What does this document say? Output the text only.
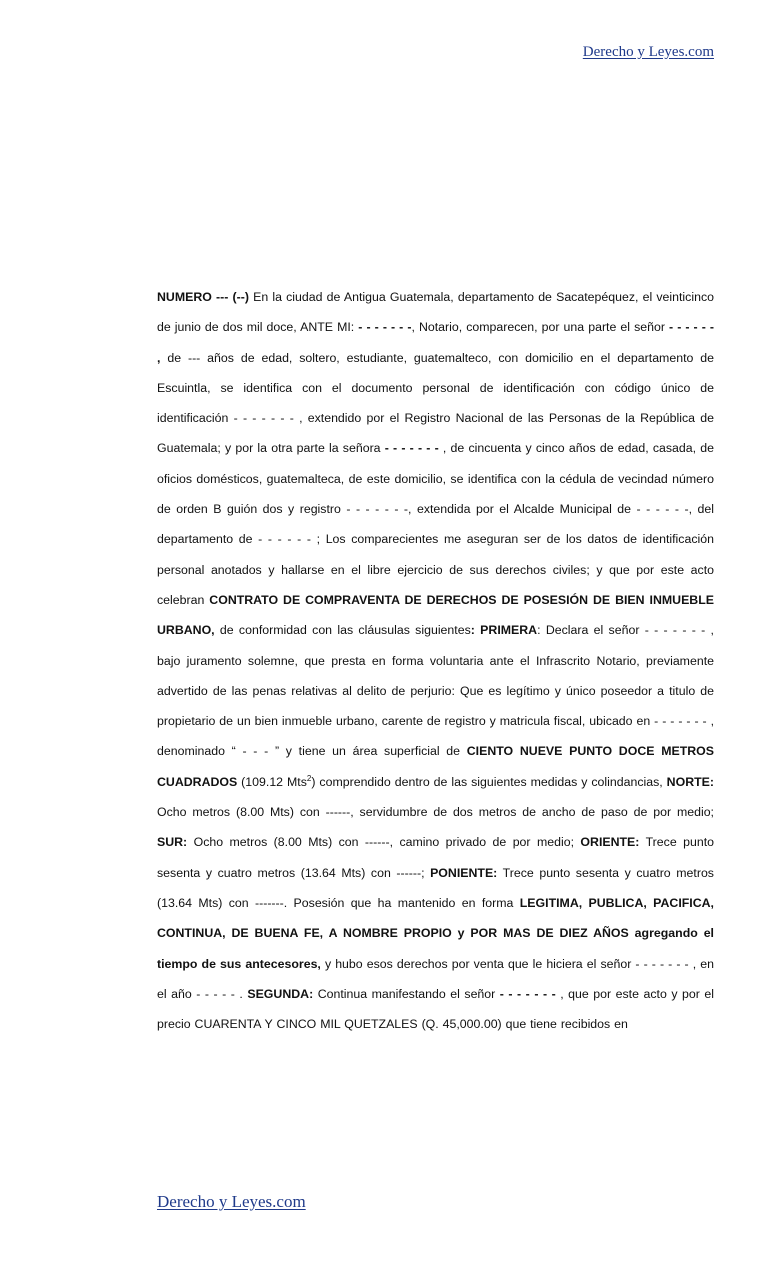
Derecho y Leyes.com

NUMERO --- (--) En la ciudad de Antigua Guatemala, departamento de Sacatepéquez, el veinticinco de junio de dos mil doce, ANTE MI: - - - - - - -, Notario, comparecen, por una parte el señor - - - - - - , de --- años de edad, soltero, estudiante, guatemalteco, con domicilio en el departamento de Escuintla, se identifica con el documento personal de identificación con código único de identificación - - - - - - - , extendido por el Registro Nacional de las Personas de la República de Guatemala; y por la otra parte la señora - - - - - - - , de cincuenta y cinco años de edad, casada, de oficios domésticos, guatemalteca, de este domicilio, se identifica con la cédula de vecindad número de orden B guión dos y registro - - - - - - -, extendida por el Alcalde Municipal de - - - - - -, del departamento de - - - - - - ; Los comparecientes me aseguran ser de los datos de identificación personal anotados y hallarse en el libre ejercicio de sus derechos civiles; y que por este acto celebran CONTRATO DE COMPRAVENTA DE DERECHOS DE POSESIÓN DE BIEN INMUEBLE URBANO, de conformidad con las cláusulas siguientes: PRIMERA: Declara el señor - - - - - - - , bajo juramento solemne, que presta en forma voluntaria ante el Infrascrito Notario, previamente advertido de las penas relativas al delito de perjurio: Que es legítimo y único poseedor a titulo de propietario de un bien inmueble urbano, carente de registro y matricula fiscal, ubicado en - - - - - - - , denominado “ - - - ” y tiene un área superficial de CIENTO NUEVE PUNTO DOCE METROS CUADRADOS (109.12 Mts$^2$) comprendido dentro de las siguientes medidas y colindancias, NORTE: Ocho metros (8.00 Mts) con ------, servidumbre de dos metros de ancho de paso de por medio; SUR: Ocho metros (8.00 Mts) con ------, camino privado de por medio; ORIENTE: Trece punto sesenta y cuatro metros (13.64 Mts) con ------; PONIENTE: Trece punto sesenta y cuatro metros (13.64 Mts) con -------. Posesión que ha mantenido en forma LEGITIMA, PUBLICA, PACIFICA, CONTINUA, DE BUENA FE, A NOMBRE PROPIO y POR MAS DE DIEZ AÑOS agregando el tiempo de sus antecesores, y hubo esos derechos por venta que le hiciera el señor - - - - - - - , en el año - - - - - . SEGUNDA: Continua manifestando el señor - - - - - - - , que por este acto y por el precio CUARENTA Y CINCO MIL QUETZALES (Q. 45,000.00) que tiene recibidos en

Derecho y Leyes.com
